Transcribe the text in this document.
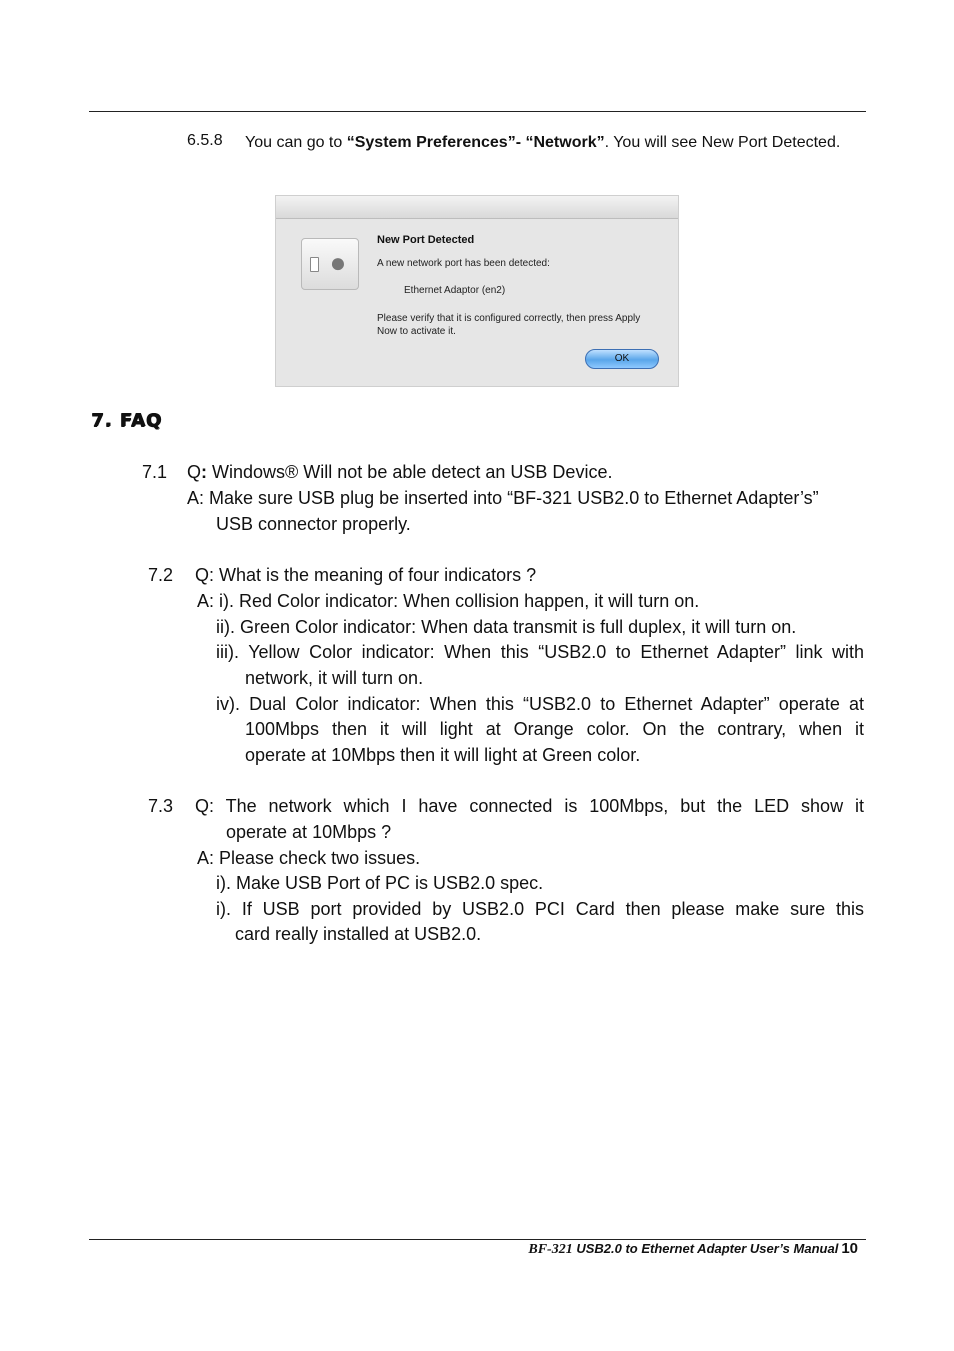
6.5.8 You can go to “System Preferences”- “Network”. You will see New Port Detected.
●
New Port Detected
A new network port has been detected:
Ethernet Adaptor (en2)
Please verify that it is configured correctly, then press Apply Now to activate it.
OK
7. FAQ
7.1 Q: Windows® Will not be able detect an USB Device.
A: Make sure USB plug be inserted into “BF-321 USB2.0 to Ethernet Adapter’s”
USB connector properly.
7.2 Q: What is the meaning of four indicators ?
A: i). Red Color indicator: When collision happen, it will turn on.
ii). Green Color indicator: When data transmit is full duplex, it will turn on.
iii). Yellow Color indicator: When this “USB2.0 to Ethernet Adapter” link with
network, it will turn on.
iv). Dual Color indicator: When this “USB2.0 to Ethernet Adapter” operate at
100Mbps then it will light at Orange color. On the contrary, when it
operate at 10Mbps then it will light at Green color.
7.3 Q: The network which I have connected is 100Mbps, but the LED show it
operate at 10Mbps ?
A: Please check two issues.
i). Make USB Port of PC is USB2.0 spec.
i). If USB port provided by USB2.0 PCI Card then please make sure this
card really installed at USB2.0.
BF-321 USB2.0 to Ethernet Adapter User’s Manual 10
